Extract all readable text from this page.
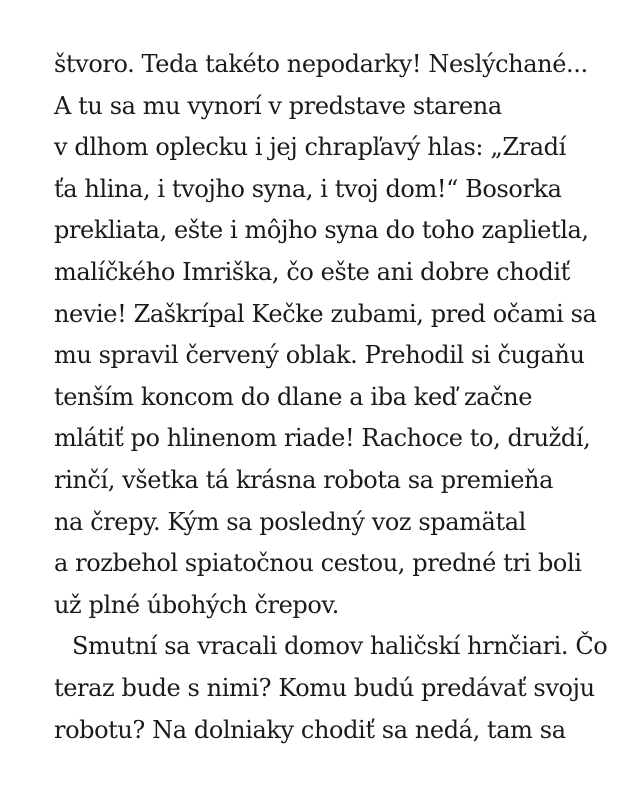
štvoro. Teda takéto nepodarky! Neslýchané...
A tu sa mu vynorí v predstave starena
v dlhom oplecku i jej chrapľavý hlas: „Zradí
ťa hlina, i tvojho syna, i tvoj dom!“ Bosorka
prekliata, ešte i môjho syna do toho zaplietla,
malíčkého Imriška, čo ešte ani dobre chodiť
nevie! Zaškrípal Kečke zubami, pred očami sa
mu spravil červený oblak. Prehodil si čugaňu
tenším koncom do dlane a iba keď začne
mlátiť po hlinenom riade! Rachoce to, druždí,
rinčí, všetka tá krásna robota sa premieňa
na črepy. Kým sa posledný voz spamätal
a rozbehol spiatočnou cestou, predné tri boli
už plné úbohých črepov.
Smutní sa vracali domov haličskí hrnčiari. Čo
teraz bude s nimi? Komu budú predávať svoju
robotu? Na dolniaky chodiť sa nedá, tam sa
